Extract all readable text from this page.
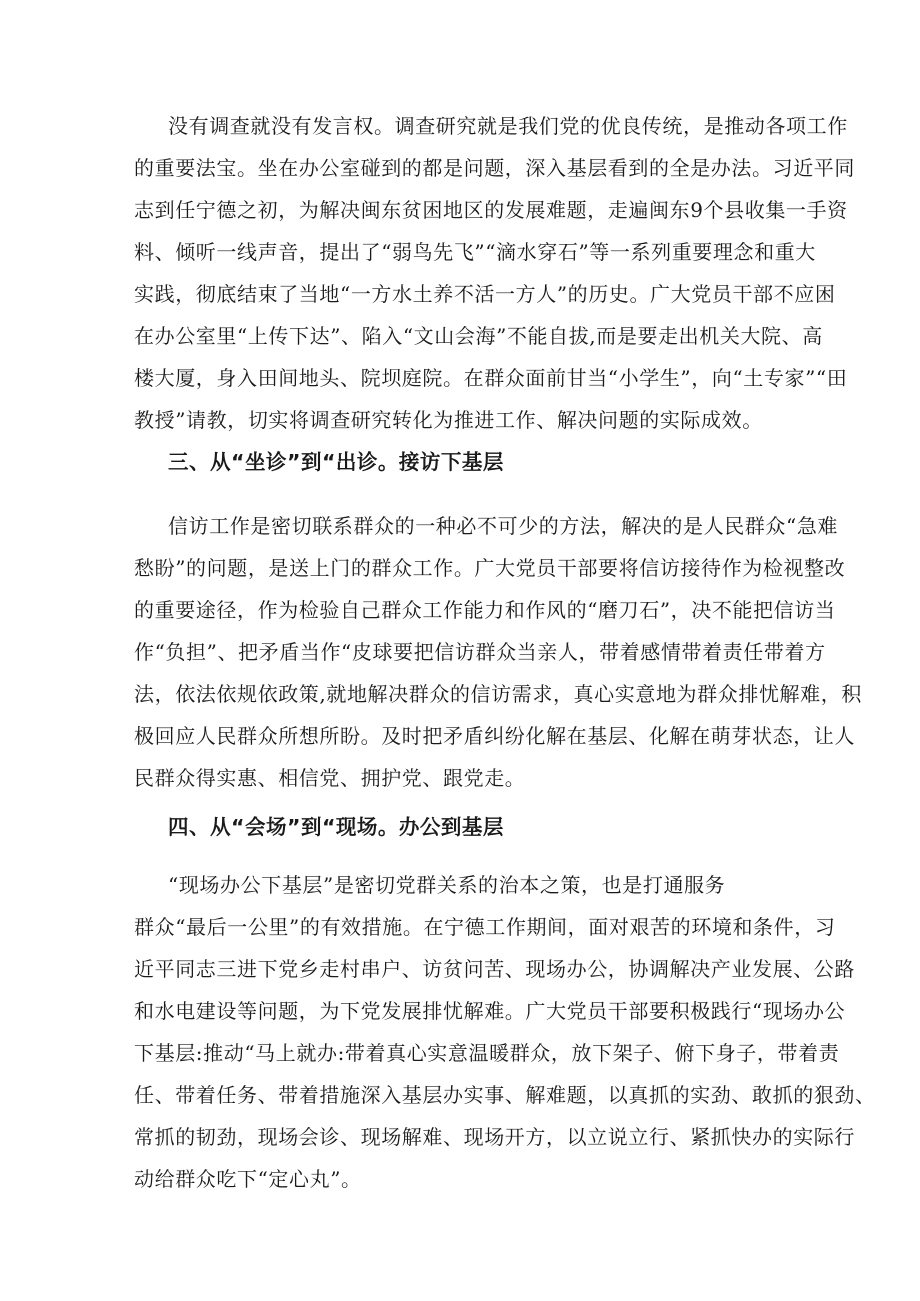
没有调查就没有发言权。调查研究就是我们党的优良传统，是推动各项工作
的重要法宝。坐在办公室碰到的都是问题，深入基层看到的全是办法。习近平同
志到任宁德之初，为解决闽东贫困地区的发展难题，走遍闽东9个县收集一手资
料、倾听一线声音，提出了“弱鸟先飞”“滴水穿石”等一系列重要理念和重大
实践，彻底结束了当地“一方水土养不活一方人”的历史。广大党员干部不应困
在办公室里“上传下达”、陷入“文山会海”不能自拔,而是要走出机关大院、高
楼大厦，身入田间地头、院坝庭院。在群众面前甘当“小学生”，向“土专家”“田
教授”请教，切实将调查研究转化为推进工作、解决问题的实际成效。
三、从“坐诊”到“出诊。接访下基层
信访工作是密切联系群众的一种必不可少的方法，解决的是人民群众“急难
愁盼”的问题，是送上门的群众工作。广大党员干部要将信访接待作为检视整改
的重要途径，作为检验自己群众工作能力和作风的“磨刀石”，决不能把信访当
作“负担”、把矛盾当作“皮球要把信访群众当亲人，带着感情带着责任带着方
法，依法依规依政策,就地解决群众的信访需求，真心实意地为群众排忧解难，积
极回应人民群众所想所盼。及时把矛盾纠纷化解在基层、化解在萌芽状态，让人
民群众得实惠、相信党、拥护党、跟党走。
四、从“会场”到“现场。办公到基层
“现场办公下基层”是密切党群关系的治本之策，也是打通服务
群众“最后一公里”的有效措施。在宁德工作期间，面对艰苦的环境和条件，习
近平同志三进下党乡走村串户、访贫问苦、现场办公，协调解决产业发展、公路
和水电建设等问题，为下党发展排忧解难。广大党员干部要积极践行“现场办公
下基层:推动“马上就办:带着真心实意温暖群众，放下架子、俯下身子，带着责
任、带着任务、带着措施深入基层办实事、解难题，以真抓的实劲、敢抓的狠劲、
常抓的韧劲，现场会诊、现场解难、现场开方，以立说立行、紧抓快办的实际行
动给群众吃下“定心丸”。
